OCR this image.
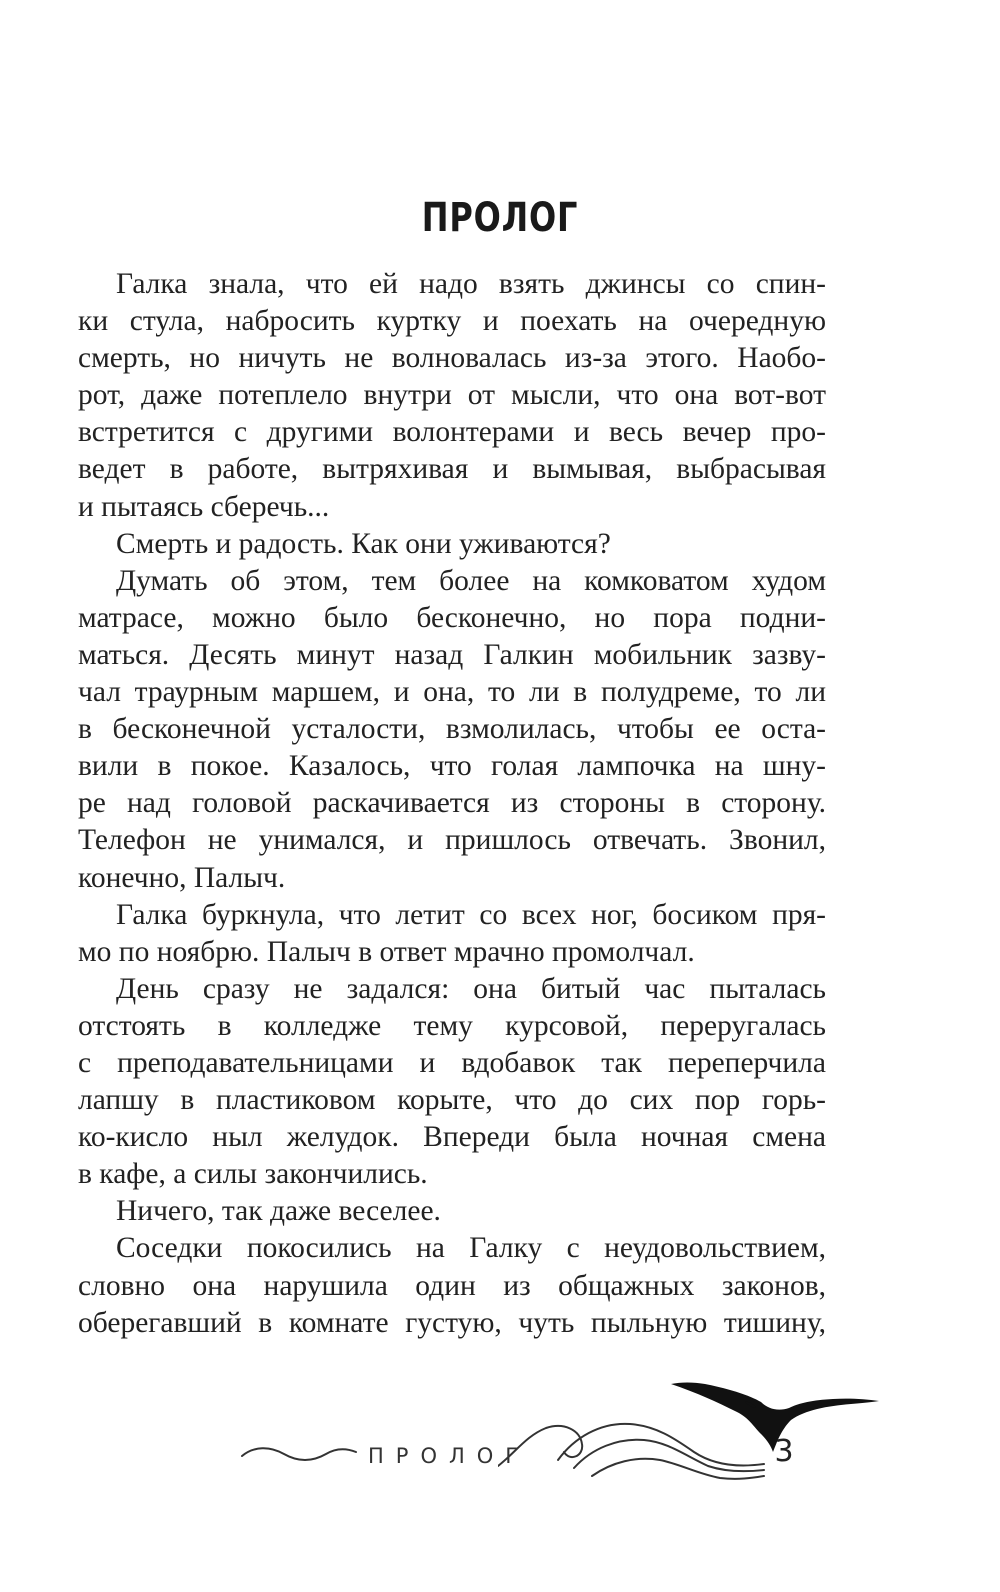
ПРОЛОГ
Галка знала, что ей надо взять джинсы со спин-
ки стула, набросить куртку и поехать на очередную
смерть, но ничуть не волновалась из-за этого. Наобо-
рот, даже потеплело внутри от мысли, что она вот-вот
встретится с другими волонтерами и весь вечер про-
ведет в работе, вытряхивая и вымывая, выбрасывая
и пытаясь сберечь...
Смерть и радость. Как они уживаются?
Думать об этом, тем более на комковатом худом
матрасе, можно было бесконечно, но пора подни-
маться. Десять минут назад Галкин мобильник зазву-
чал траурным маршем, и она, то ли в полудреме, то ли
в бесконечной усталости, взмолилась, чтобы ее оста-
вили в покое. Казалось, что голая лампочка на шну-
ре над головой раскачивается из стороны в сторону.
Телефон не унимался, и пришлось отвечать. Звонил,
конечно, Палыч.
Галка буркнула, что летит со всех ног, босиком пря-
мо по ноябрю. Палыч в ответ мрачно промолчал.
День сразу не задался: она битый час пыталась
отстоять в колледже тему курсовой, переругалась
с преподавательницами и вдобавок так переперчила
лапшу в пластиковом корыте, что до сих пор горь-
ко-кисло ныл желудок. Впереди была ночная смена
в кафе, а силы закончились.
Ничего, так даже веселее.
Соседки покосились на Галку с неудовольствием,
словно она нарушила один из общажных законов,
оберегавший в комнате густую, чуть пыльную тишину,
ПРОЛОГ	3
